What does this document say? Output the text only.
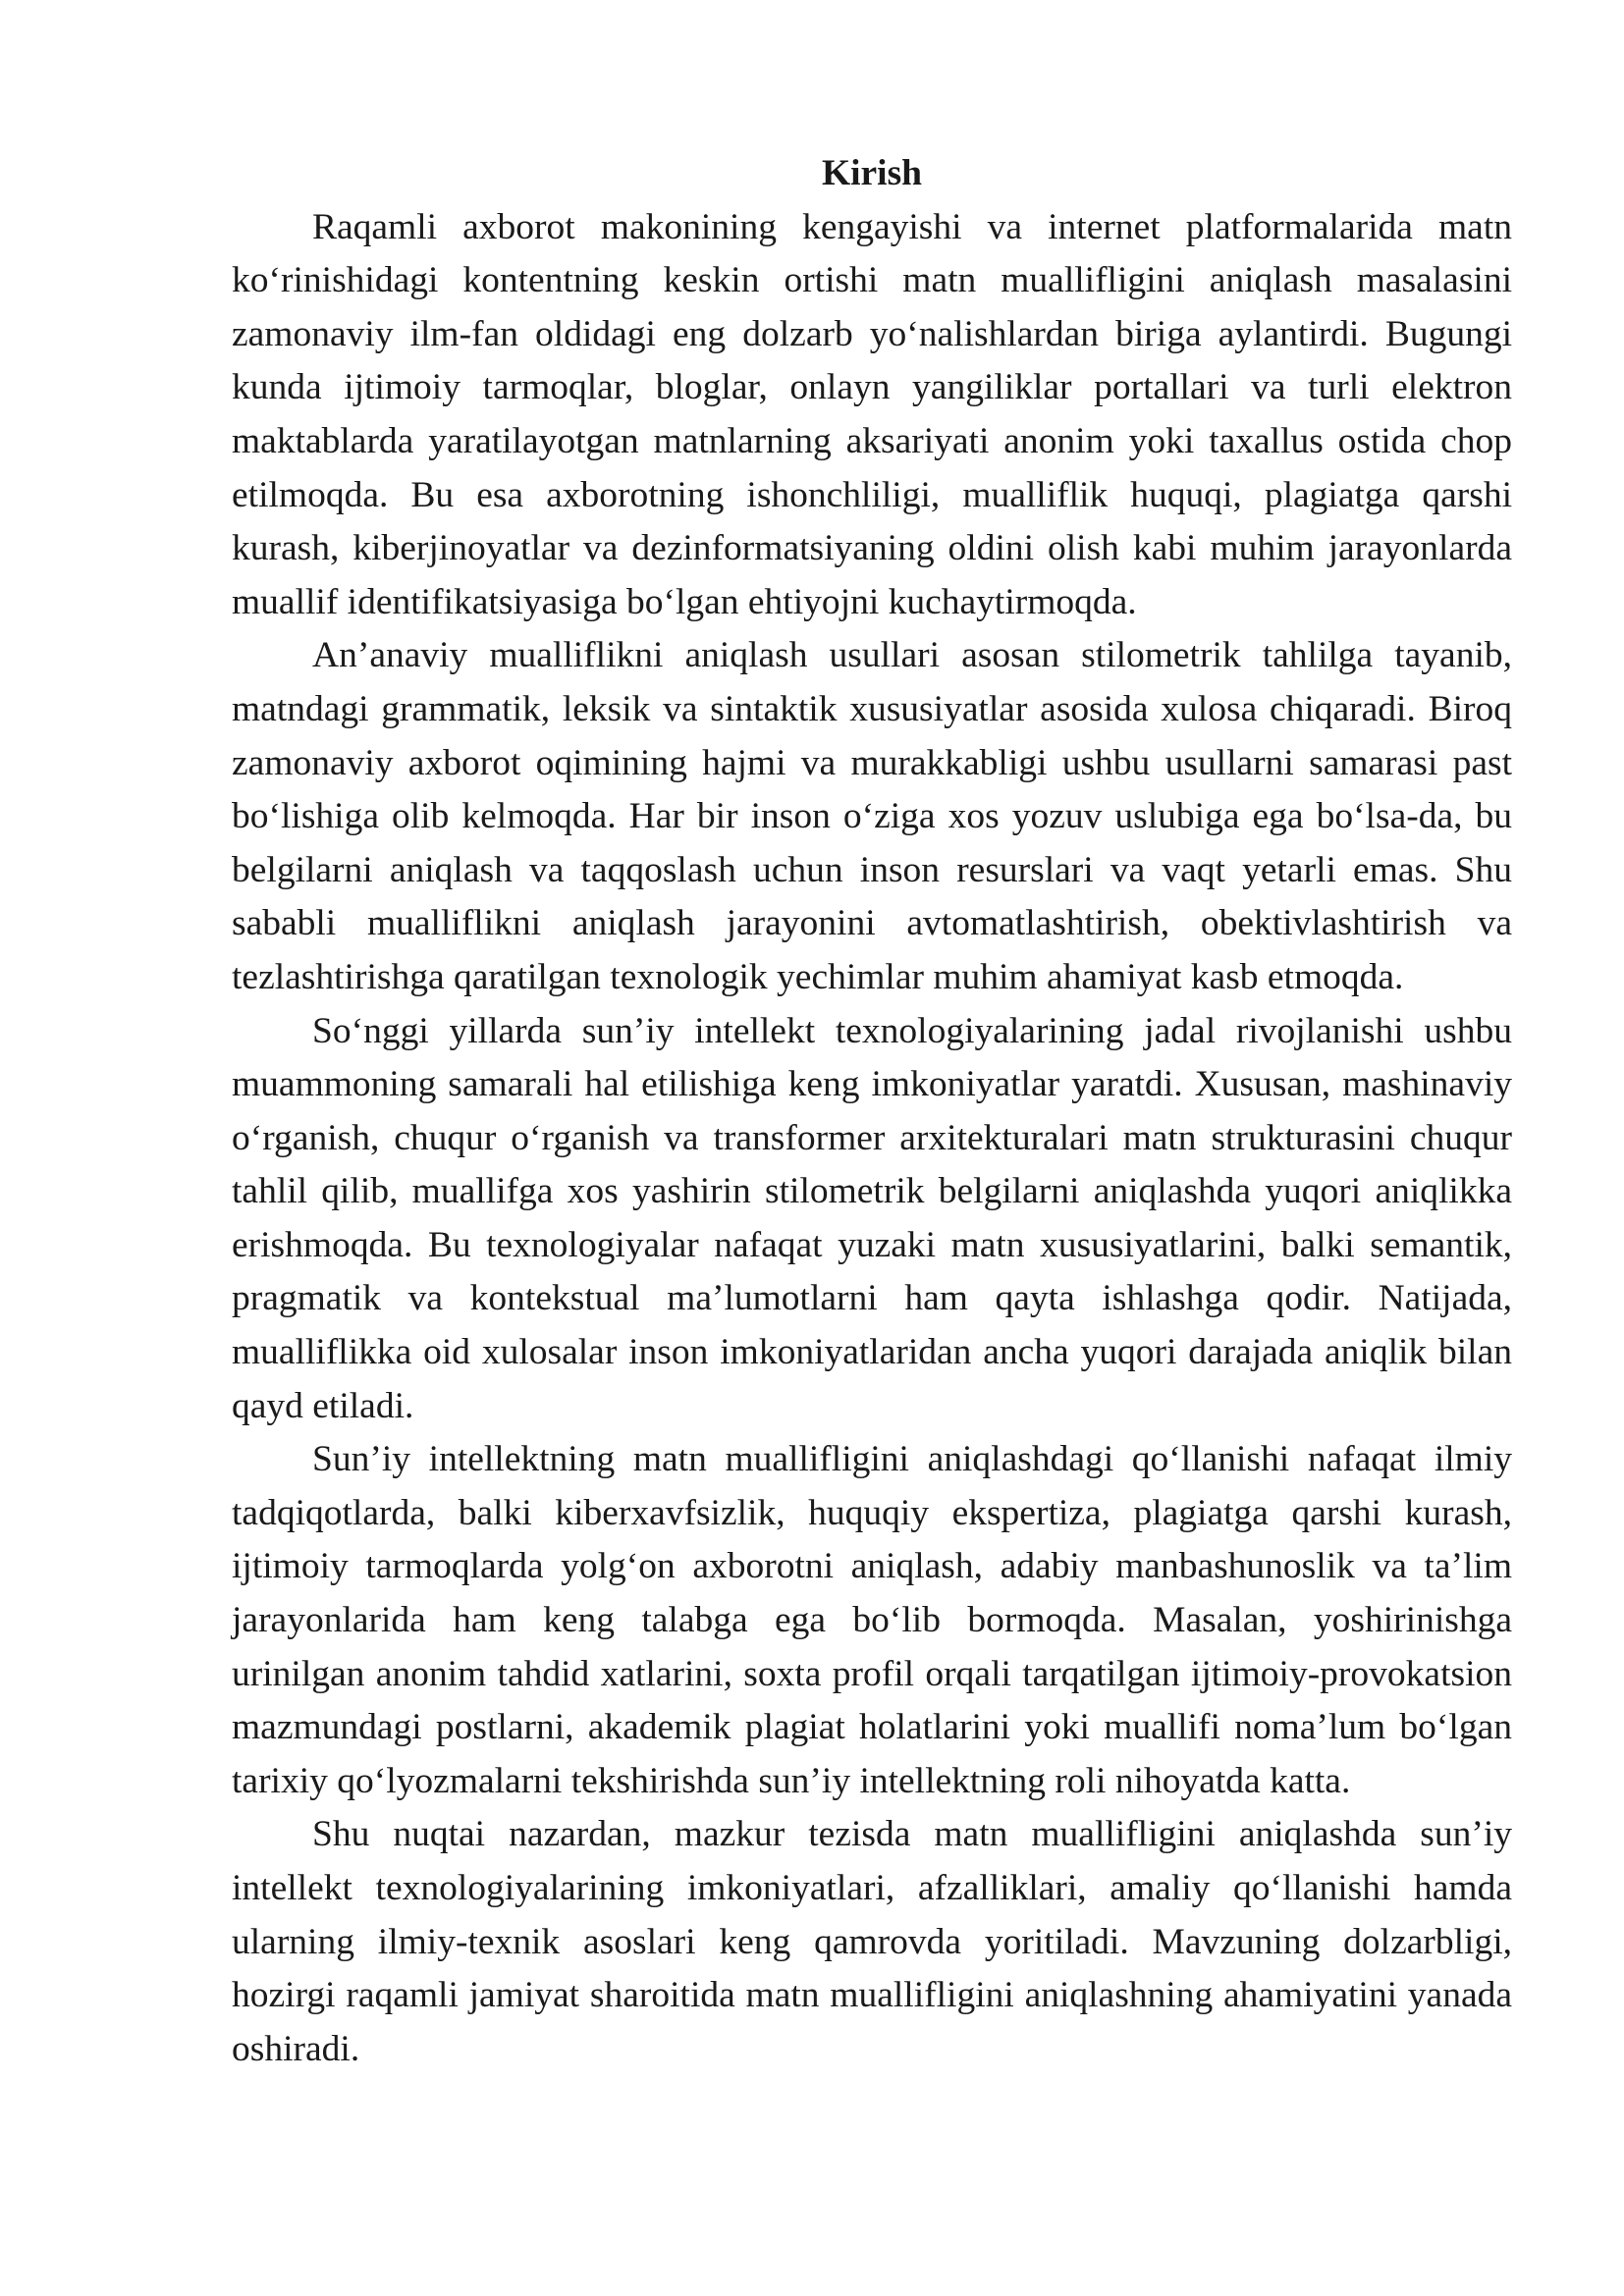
Kirish

Raqamli axborot makonining kengayishi va internet platformalarida matn ko‘rinishidagi kontentning keskin ortishi matn muallifligini aniqlash masalasini zamonaviy ilm-fan oldidagi eng dolzarb yo‘nalishlardan biriga aylantirdi. Bugungi kunda ijtimoiy tarmoqlar, bloglar, onlayn yangiliklar portallari va turli elektron maktablarda yaratilayotgan matnlarning aksariyati anonim yoki taxallus ostida chop etilmoqda. Bu esa axborotning ishonchliligi, mualliflik huquqi, plagiatga qarshi kurash, kiberjinoyatlar va dezinformatsiyaning oldini olish kabi muhim jarayonlarda muallif identifikatsiyasiga bo‘lgan ehtiyojni kuchaytirmoqda.

An’anaviy mualliflikni aniqlash usullari asosan stilometrik tahlilga tayanib, matndagi grammatik, leksik va sintaktik xususiyatlar asosida xulosa chiqaradi. Biroq zamonaviy axborot oqimining hajmi va murakkabligi ushbu usullarni samarasi past bo‘lishiga olib kelmoqda. Har bir inson o‘ziga xos yozuv uslubiga ega bo‘lsa-da, bu belgilarni aniqlash va taqqoslash uchun inson resurslari va vaqt yetarli emas. Shu sababli mualliflikni aniqlash jarayonini avtomatlashtirish, obektivlashtirish va tezlashtirishga qaratilgan texnologik yechimlar muhim ahamiyat kasb etmoqda.

So‘nggi yillarda sun’iy intellekt texnologiyalarining jadal rivojlanishi ushbu muammoning samarali hal etilishiga keng imkoniyatlar yaratdi. Xususan, mashinaviy o‘rganish, chuqur o‘rganish va transformer arxitekturalari matn strukturasini chuqur tahlil qilib, muallifga xos yashirin stilometrik belgilarni aniqlashda yuqori aniqlikka erishmoqda. Bu texnologiyalar nafaqat yuzaki matn xususiyatlarini, balki semantik, pragmatik va kontekstual ma’lumotlarni ham qayta ishlashga qodir. Natijada, mualliflikka oid xulosalar inson imkoniyatlaridan ancha yuqori darajada aniqlik bilan qayd etiladi.

Sun’iy intellektning matn muallifligini aniqlashdagi qo‘llanishi nafaqat ilmiy tadqiqotlarda, balki kiberxavfsizlik, huquqiy ekspertiza, plagiatga qarshi kurash, ijtimoiy tarmoqlarda yolg‘on axborotni aniqlash, adabiy manbashunoslik va ta’lim jarayonlarida ham keng talabga ega bo‘lib bormoqda. Masalan, yoshirinishga urinilgan anonim tahdid xatlarini, soxta profil orqali tarqatilgan ijtimoiy-provokatsion mazmundagi postlarni, akademik plagiat holatlarini yoki muallifi noma’lum bo‘lgan tarixiy qo‘lyozmalarni tekshirishda sun’iy intellektning roli nihoyatda katta.

Shu nuqtai nazardan, mazkur tezisda matn muallifligini aniqlashda sun’iy intellekt texnologiyalarining imkoniyatlari, afzalliklari, amaliy qo‘llanishi hamda ularning ilmiy-texnik asoslari keng qamrovda yoritiladi. Mavzuning dolzarbligi, hozirgi raqamli jamiyat sharoitida matn muallifligini aniqlashning ahamiyatini yanada oshiradi.
